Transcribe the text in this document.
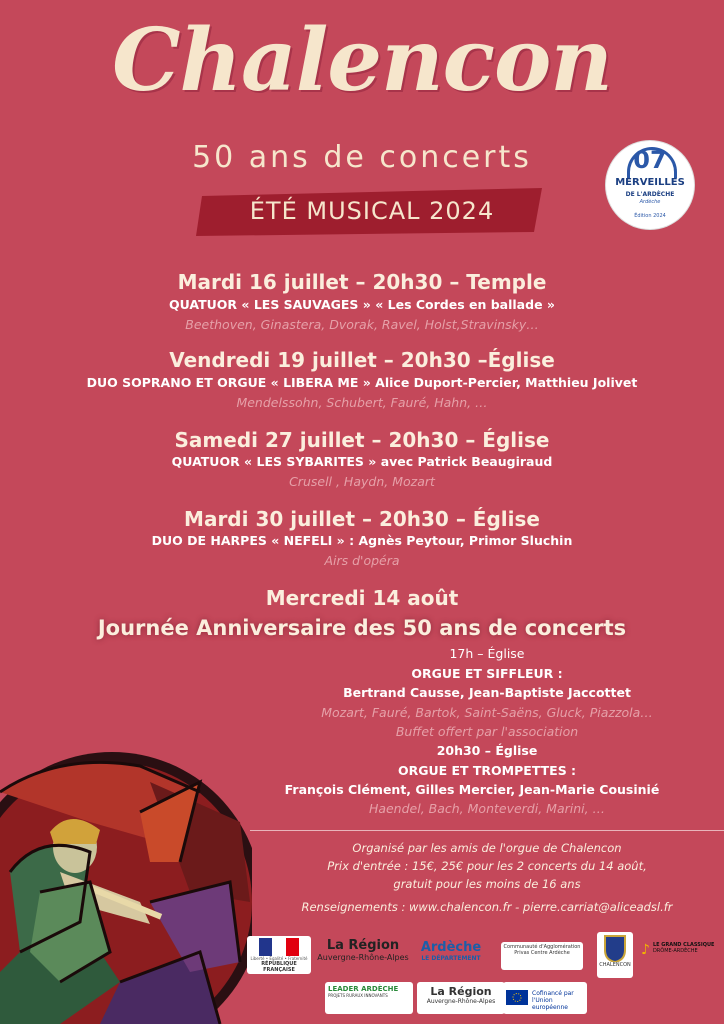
Chalencon
50 ans de concerts
ÉTÉ MUSICAL 2024
07
MERVEILLES
DE L'ARDÈCHE
Ardèche
Édition 2024
Mardi 16 juillet – 20h30 – Temple
QUATUOR « LES SAUVAGES » « Les Cordes en ballade »
Beethoven, Ginastera, Dvorak, Ravel, Holst,Stravinsky…
Vendredi 19 juillet – 20h30 –Église
DUO SOPRANO ET ORGUE « LIBERA ME » Alice Duport-Percier, Matthieu Jolivet
Mendelssohn, Schubert, Fauré, Hahn, …
Samedi 27 juillet – 20h30 – Église
QUATUOR « LES SYBARITES » avec Patrick Beaugiraud
Crusell , Haydn, Mozart
Mardi 30 juillet – 20h30 – Église
DUO DE HARPES « NEFELI » : Agnès Peytour, Primor Sluchin
Airs d'opéra
Mercredi 14 août
Journée Anniversaire des 50 ans de concerts
17h – Église
ORGUE ET SIFFLEUR :
Bertrand Causse, Jean-Baptiste Jaccottet
Mozart, Fauré, Bartok, Saint-Saëns, Gluck, Piazzola…
Buffet offert par l'association
20h30 – Église
ORGUE ET TROMPETTES :
François Clément, Gilles Mercier, Jean-Marie Cousinié
Haendel, Bach, Monteverdi, Marini, …
Organisé par les amis de l'orgue de Chalencon
Prix d'entrée : 15€, 25€ pour les 2 concerts du 14 août,
gratuit pour les moins de 16 ans
Renseignements : www.chalencon.fr - pierre.carriat@aliceadsl.fr
Liberté • Égalité • Fraternité
RÉPUBLIQUE FRANÇAISE
La Région
Auvergne-Rhône-Alpes
Ardèche
LE DÉPARTEMENT
Communauté d'Agglomération Privas Centre Ardèche
CHALENCON
♪ LE GRAND CLASSIQUE
DRÔME-ARDÈCHE
LEADER ARDÈCHE
PROJETS RURAUX INNOVANTS	La Région
Auvergne-Rhône-Alpes
Cofinancé par l'Union européenne
